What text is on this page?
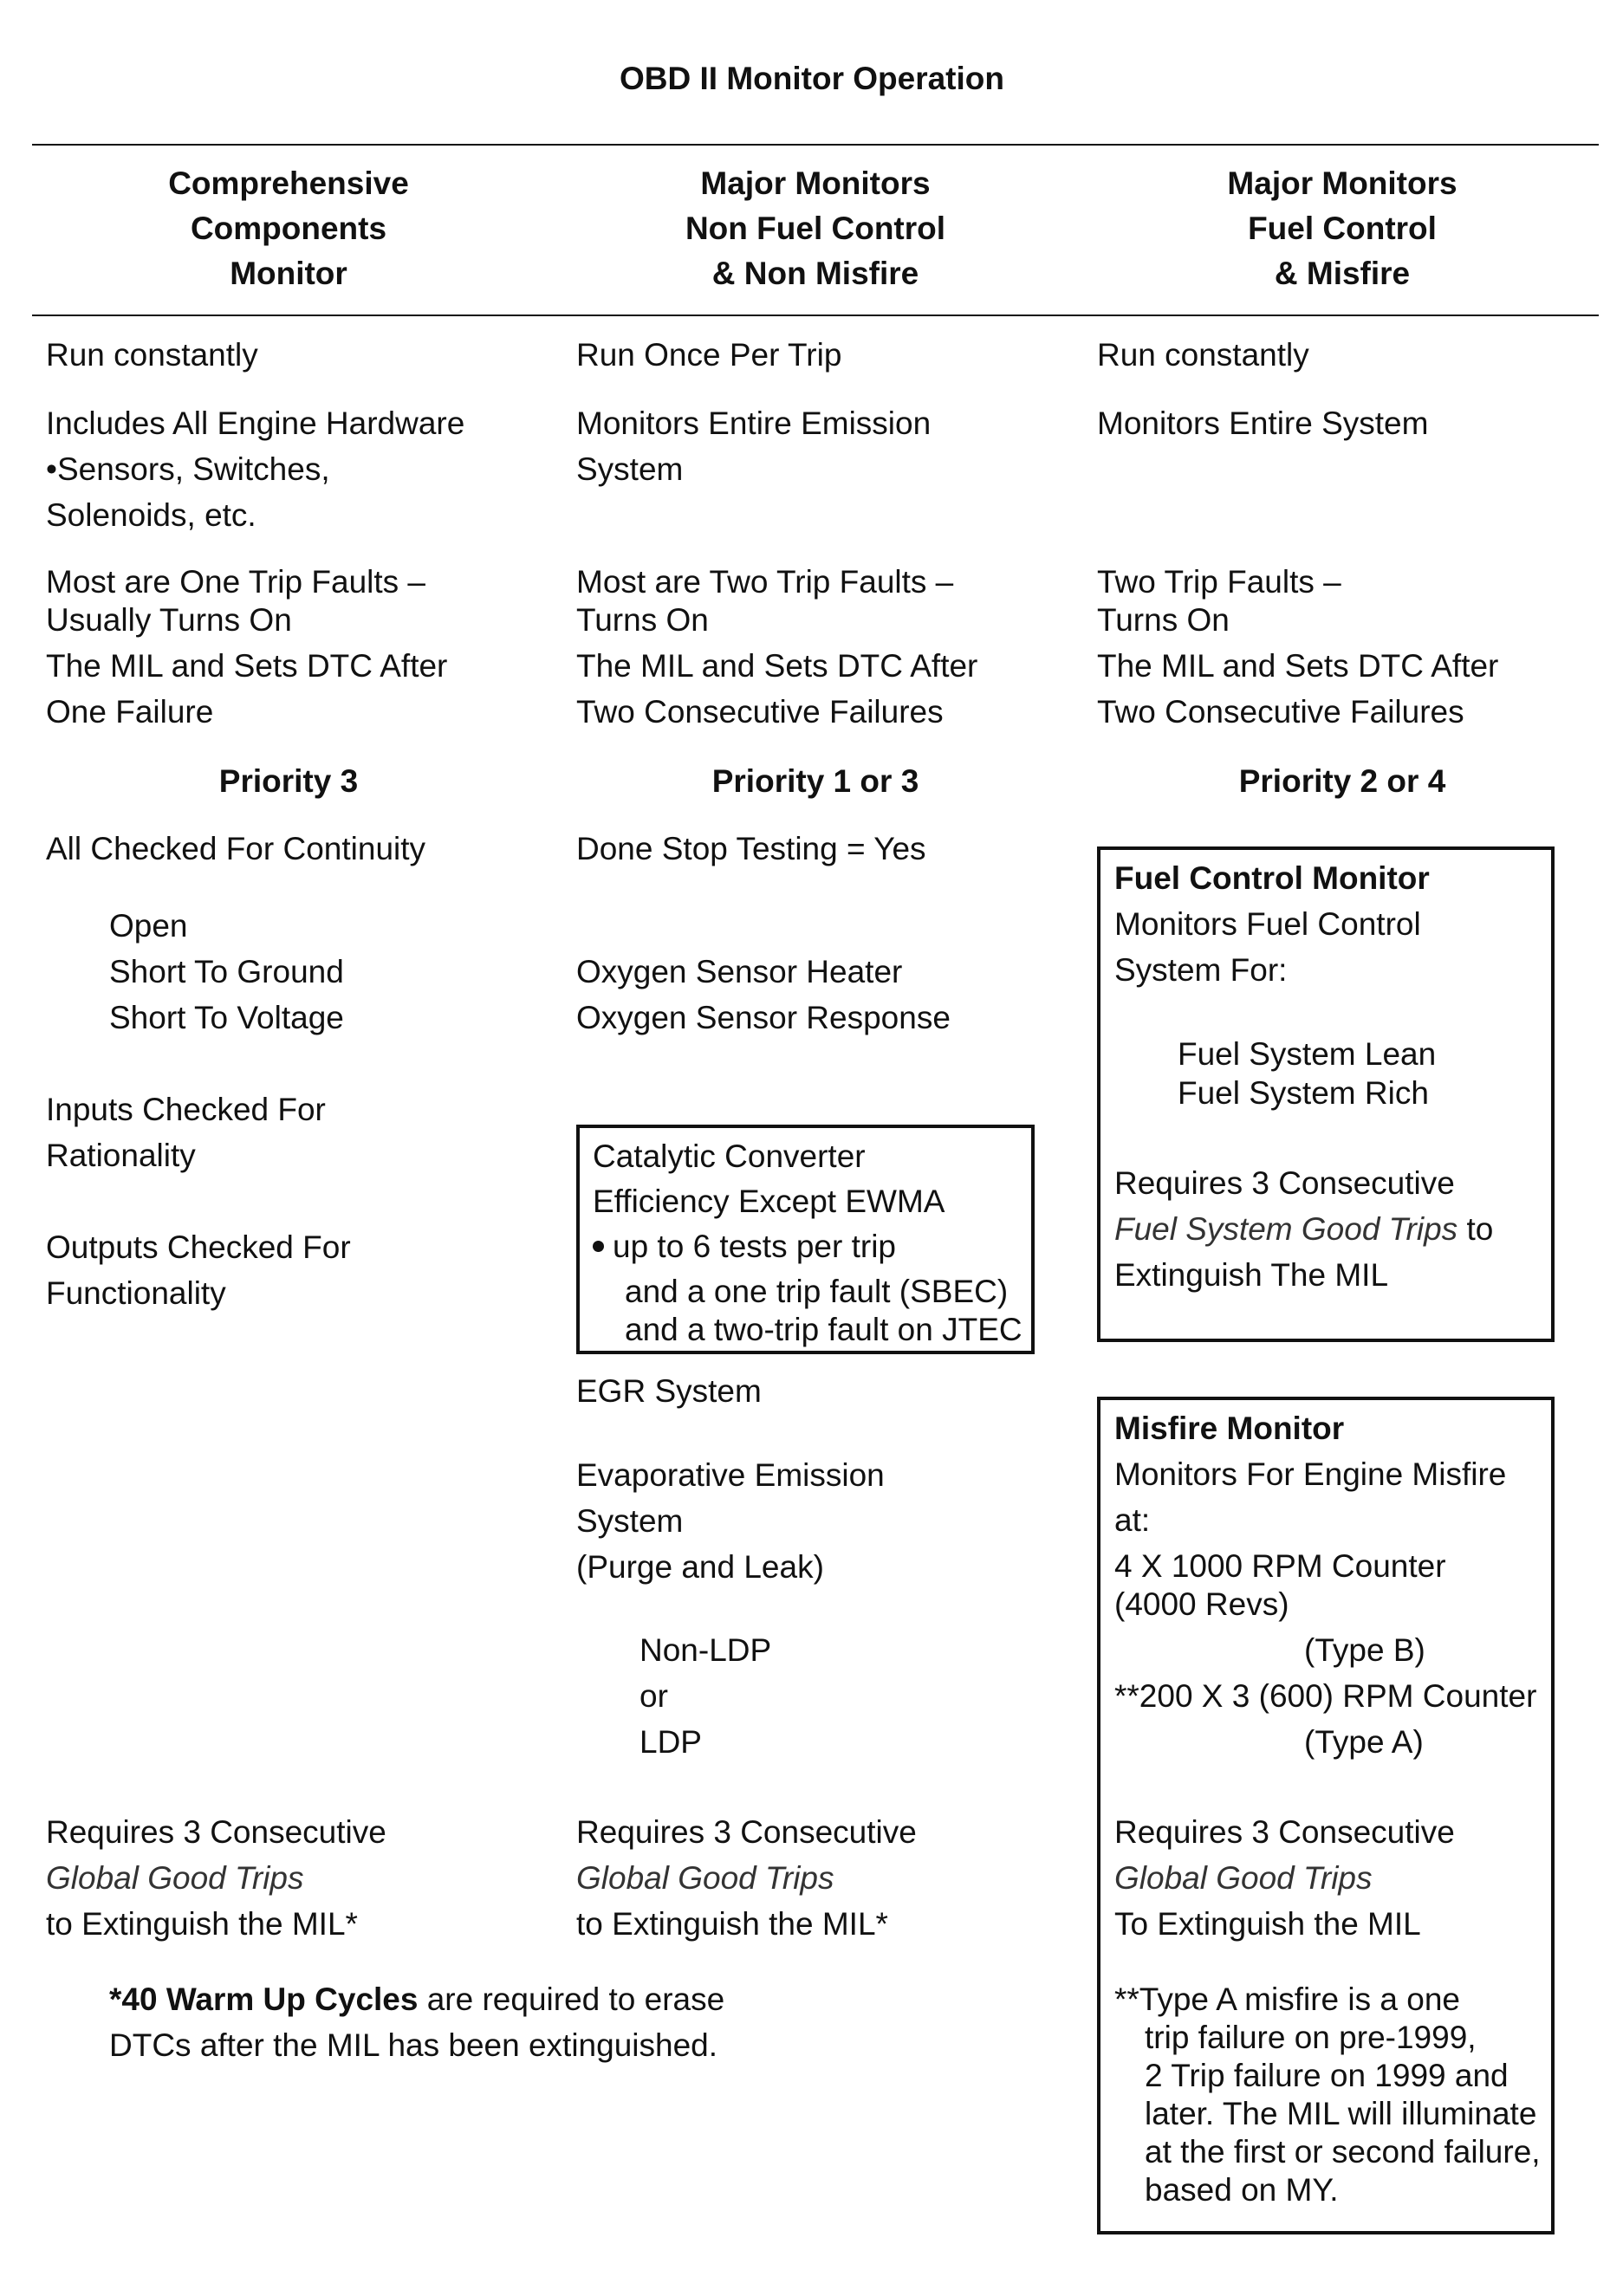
OBD II Monitor Operation
Comprehensive
Components
Monitor
Major Monitors
Non Fuel Control
& Non Misfire
Major Monitors
Fuel Control
& Misfire
Run constantly
Includes All Engine Hardware
•Sensors, Switches,
Solenoids, etc.
Most are One Trip Faults –
Usually Turns On
The MIL and Sets DTC After
One Failure
Priority 3
All Checked For Continuity
Open
Short To Ground
Short To Voltage
Inputs Checked For
Rationality
Outputs Checked For
Functionality
Requires 3 Consecutive
Global Good Trips
to Extinguish the MIL*
*40 Warm Up Cycles are required to erase
DTCs after the MIL has been extinguished.
Run Once Per Trip
Monitors Entire Emission
System
Most are Two Trip Faults –
Turns On
The MIL and Sets DTC After
Two Consecutive Failures
Priority 1 or 3
Done Stop Testing = Yes
Oxygen Sensor Heater
Oxygen Sensor Response
Catalytic Converter
Efficiency Except EWMA
up to 6 tests per trip
and a one trip fault (SBEC)
and a two-trip fault on JTEC
EGR System
Evaporative Emission
System
(Purge and Leak)
Non-LDP
or
LDP
Requires 3 Consecutive
Global Good Trips
to Extinguish the MIL*
Run constantly
Monitors Entire System
Two Trip Faults –
Turns On
The MIL and Sets DTC After
Two Consecutive Failures
Priority 2 or 4
Fuel Control Monitor
Monitors Fuel Control
System For:
Fuel System Lean
Fuel System Rich
Requires 3 Consecutive
Fuel System Good Trips to
Extinguish The MIL
Misfire Monitor
Monitors For Engine Misfire
at:
4 X 1000 RPM Counter
(4000 Revs)
(Type B)
**200 X 3 (600) RPM Counter
(Type A)
Requires 3 Consecutive
Global Good Trips
To Extinguish the MIL
**Type A misfire is a one
trip failure on pre-1999,
2 Trip failure on 1999 and
later. The MIL will illuminate
at the first or second failure,
based on MY.
